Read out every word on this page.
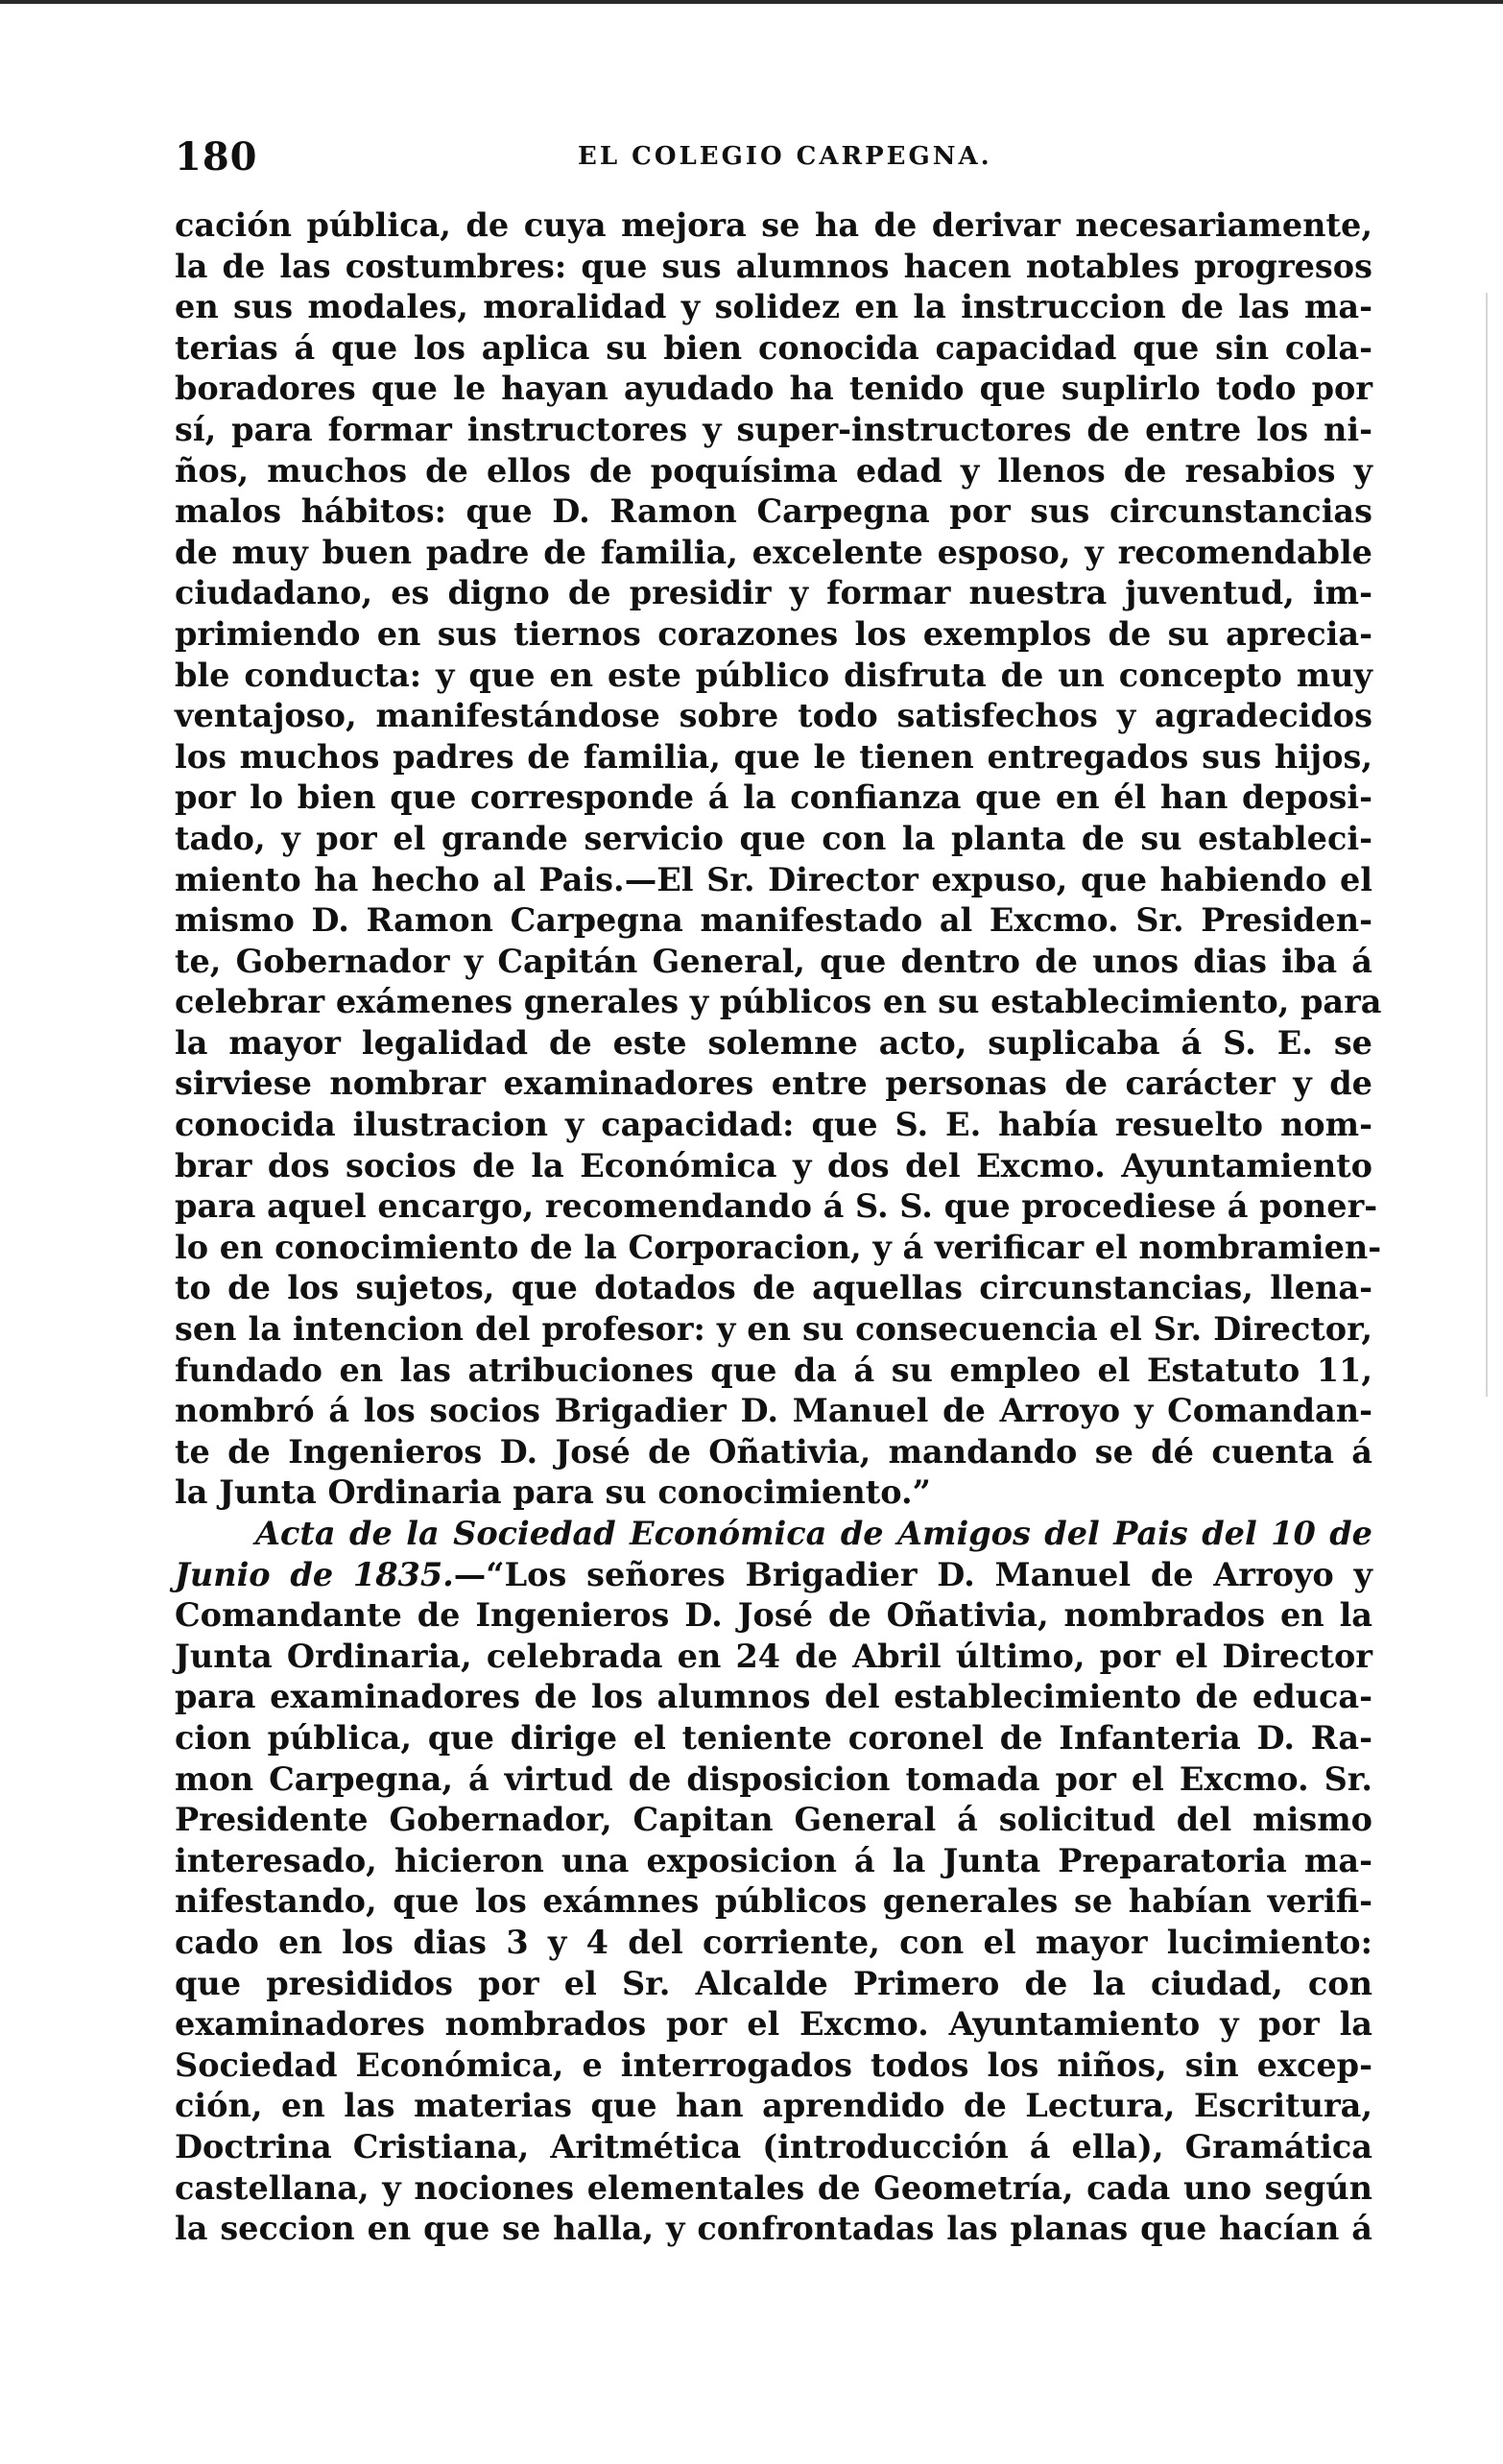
180	EL COLEGIO CARPEGNA.
cación pública, de cuya mejora se ha de derivar necesariamente,
la de las costumbres: que sus alumnos hacen notables progresos
en sus modales, moralidad y solidez en la instruccion de las ma-
terias á que los aplica su bien conocida capacidad que sin cola-
boradores que le hayan ayudado ha tenido que suplirlo todo por
sí, para formar instructores y super-instructores de entre los ni-
ños, muchos de ellos de poquísima edad y llenos de resabios y
malos hábitos: que D. Ramon Carpegna por sus circunstancias
de muy buen padre de familia, excelente esposo, y recomendable
ciudadano, es digno de presidir y formar nuestra juventud, im-
primiendo en sus tiernos corazones los exemplos de su apreciа-
ble conducta: y que en este público disfruta de un concepto muy
ventajoso, manifestándose sobre todo satisfechos y agradecidos
los muchos padres de familia, que le tienen entregados sus hijos,
por lo bien que corresponde á la confianza que en él han deposi-
tado, y por el grande servicio que con la planta de su estableci-
miento ha hecho al Pais.—El Sr. Director expuso, que habiendo el
mismo D. Ramon Carpegna manifestado al Excmo. Sr. Presiden-
te, Gobernador y Capitán General, que dentro de unos dias iba á
celebrar exámenes gnerales y públicos en su establecimiento, para
la mayor legalidad de este solemne acto, suplicaba á S. E. se
sirviese nombrar examinadores entre personas de carácter y de
conocida ilustracion y capacidad: que S. E. había resuelto nom-
brar dos socios de la Económica y dos del Excmo. Ayuntamiento
para aquel encargo, recomendando á S. S. que procediese á poner-
lo en conocimiento de la Corporacion, y á verificar el nombramien-
to de los sujetos, que dotados de aquellas circunstancias, llena-
sen la intencion del profesor: y en su consecuencia el Sr. Director,
fundado en las atribuciones que da á su empleo el Estatuto 11,
nombró á los socios Brigadier D. Manuel de Arroyo y Comandan-
te de Ingenieros D. José de Oñativia, mandando se dé cuenta á
la Junta Ordinaria para su conocimiento.”
Acta de la Sociedad Económica de Amigos del Pais del 10 de
Junio de 1835.—“Los señores Brigadier D. Manuel de Arroyo y
Comandante de Ingenieros D. José de Oñativia, nombrados en la
Junta Ordinaria, celebrada en 24 de Abril último, por el Director
para examinadores de los alumnos del establecimiento de educa-
cion pública, que dirige el teniente coronel de Infanteria D. Ra-
mon Carpegna, á virtud de disposicion tomada por el Excmo. Sr.
Presidente Gobernador, Capitan General á solicitud del mismo
interesado, hicieron una exposicion á la Junta Preparatoria ma-
nifestando, que los exámnes públicos generales se habían verifi-
cado en los dias 3 y 4 del corriente, con el mayor lucimiento:
que presididos por el Sr. Alcalde Primero de la ciudad, con
examinadores nombrados por el Excmo. Ayuntamiento y por la
Sociedad Económica, e interrogados todos los niños, sin excep-
ción, en las materias que han aprendido de Lectura, Escritura,
Doctrina Cristiana, Aritmética (introducción á ella), Gramática
castellana, y nociones elementales de Geometría, cada uno según
la seccion en que se halla, y confrontadas las planas que hacían á
